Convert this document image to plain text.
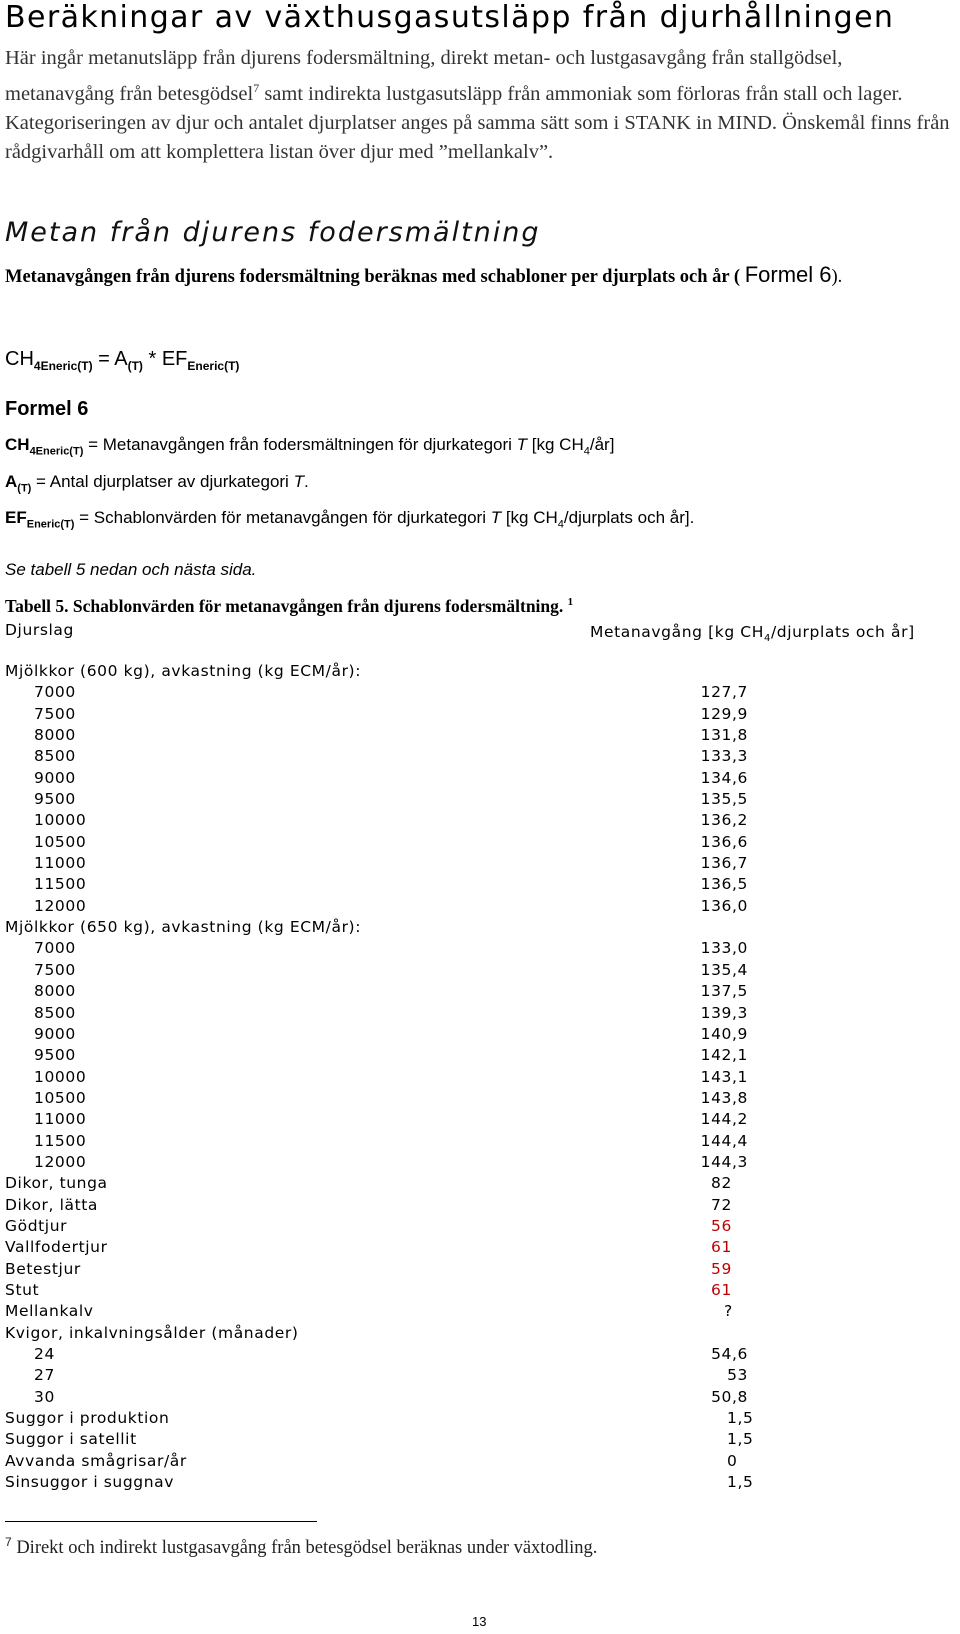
Beräkningar av växthusgasutsläpp från djurhållningen
Här ingår metanutsläpp från djurens fodersmältning, direkt metan- och lustgasavgång från stallgödsel, metanavgång från betesgödsel$^7$ samt indirekta lustgasutsläpp från ammoniak som förloras från stall och lager. Kategoriseringen av djur och antalet djurplatser anges på samma sätt som i STANK in MIND. Önskemål finns från rådgivarhåll om att komplettera listan över djur med ”mellankalv”.
Metan från djurens fodersmältning
Metanavgången från djurens fodersmältning beräknas med schabloner per djurplats och år ( Formel 6).
$CH_{4Eneric(T)} = A_{(T)} * EF_{Eneric(T)}$
Formel 6
$CH_{4Eneric(T)}$ = Metanavgången från fodersmältningen för djurkategori T [kg $CH_4/år$]
$A_{(T)}$ = Antal djurplatser av djurkategori T.
$EF_{Eneric(T)}$ = Schablonvärden för metanavgången för djurkategori T [kg $CH_4$/djurplats och år].
Se tabell 5 nedan och nästa sida.
Tabell 5. Schablonvärden för metanavgången från djurens fodersmältning. $^1$
Djurslag	Metanavgång [kg $CH_4$/djurplats och år]
Mjölkkor (600 kg), avkastning (kg ECM/år):
7000	127,7
7500	129,9
8000	131,8
8500	133,3
9000	134,6
9500	135,5
10000	136,2
10500	136,6
11000	136,7
11500	136,5
12000	136,0
Mjölkkor (650 kg), avkastning (kg ECM/år):
7000	133,0
7500	135,4
8000	137,5
8500	139,3
9000	140,9
9500	142,1
10000	143,1
10500	143,8
11000	144,2
11500	144,4
12000	144,3
Dikor, tunga	82
Dikor, lätta	72
Gödtjur	56
Vallfodertjur	61
Betestjur	59
Stut	61
Mellankalv	?
Kvigor, inkalvningsålder (månader)
24	54,6
27	53
30	50,8
Suggor i produktion	1,5
Suggor i satellit	1,5
Avvanda smågrisar/år	0
Sinsuggor i suggnav	1,5
$^7$ Direkt och indirekt lustgasavgång från betesgödsel beräknas under växtodling.
13
